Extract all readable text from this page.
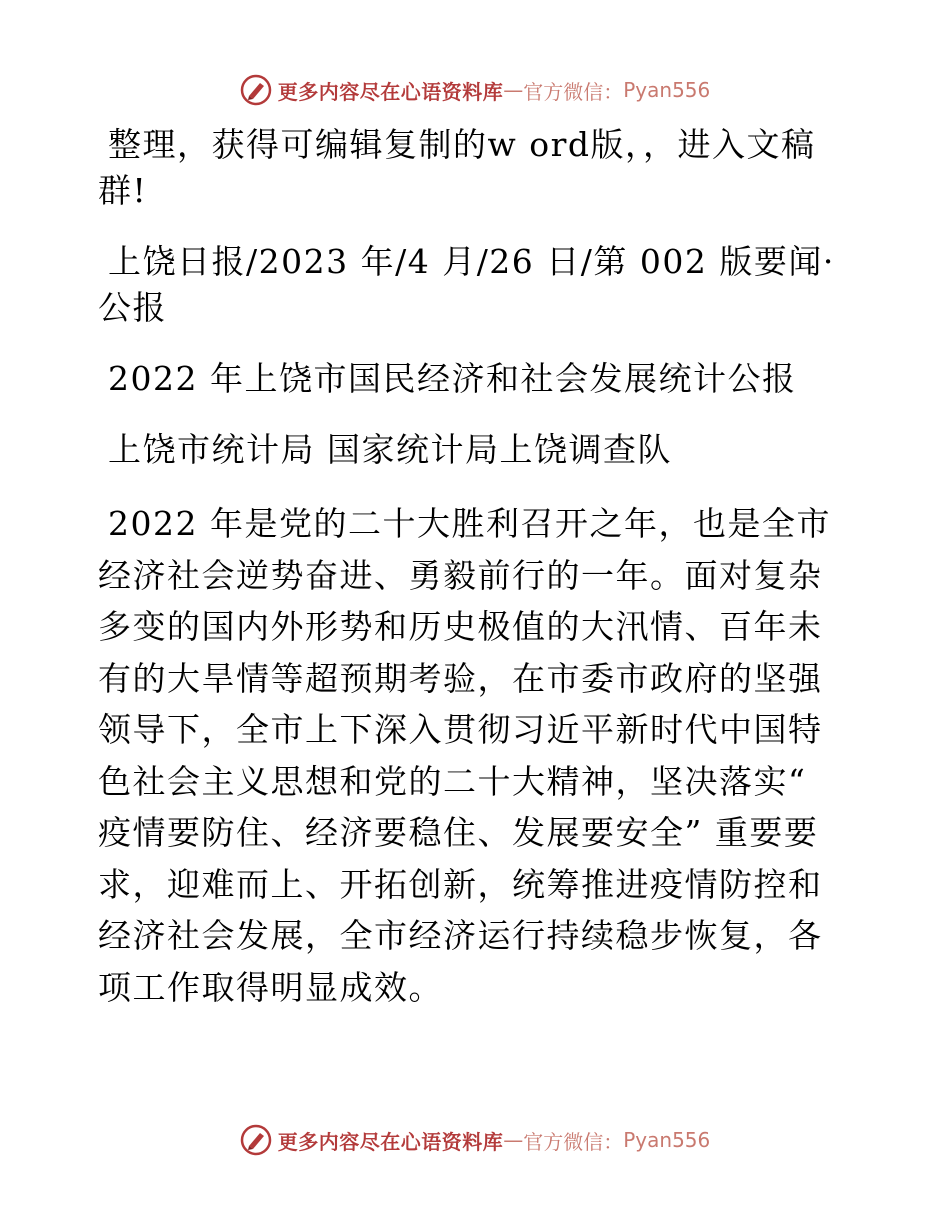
更多内容尽在心语资料库 — 官方微信： Pyan556

整理，获得可编辑复制的w ord版，，进入文稿群!

上饶日报/2023 年/4 月/26 日/第 002 版要闻·公报

2022 年上饶市国民经济和社会发展统计公报

上饶市统计局 国家统计局上饶调查队

2022 年是党的二十大胜利召开之年，也是全市经济社会逆势奋进、勇毅前行的一年。面对复杂多变的国内外形势和历史极值的大汛情、百年未有的大旱情等超预期考验，在市委市政府的坚强领导下，全市上下深入贯彻习近平新时代中国特色社会主义思想和党的二十大精神，坚决落实“ 疫情要防住、经济要稳住、发展要安全” 重要要求，迎难而上、开拓创新，统筹推进疫情防控和经济社会发展，全市经济运行持续稳步恢复，各项工作取得明显成效。

更多内容尽在心语资料库 — 官方微信： Pyan556
